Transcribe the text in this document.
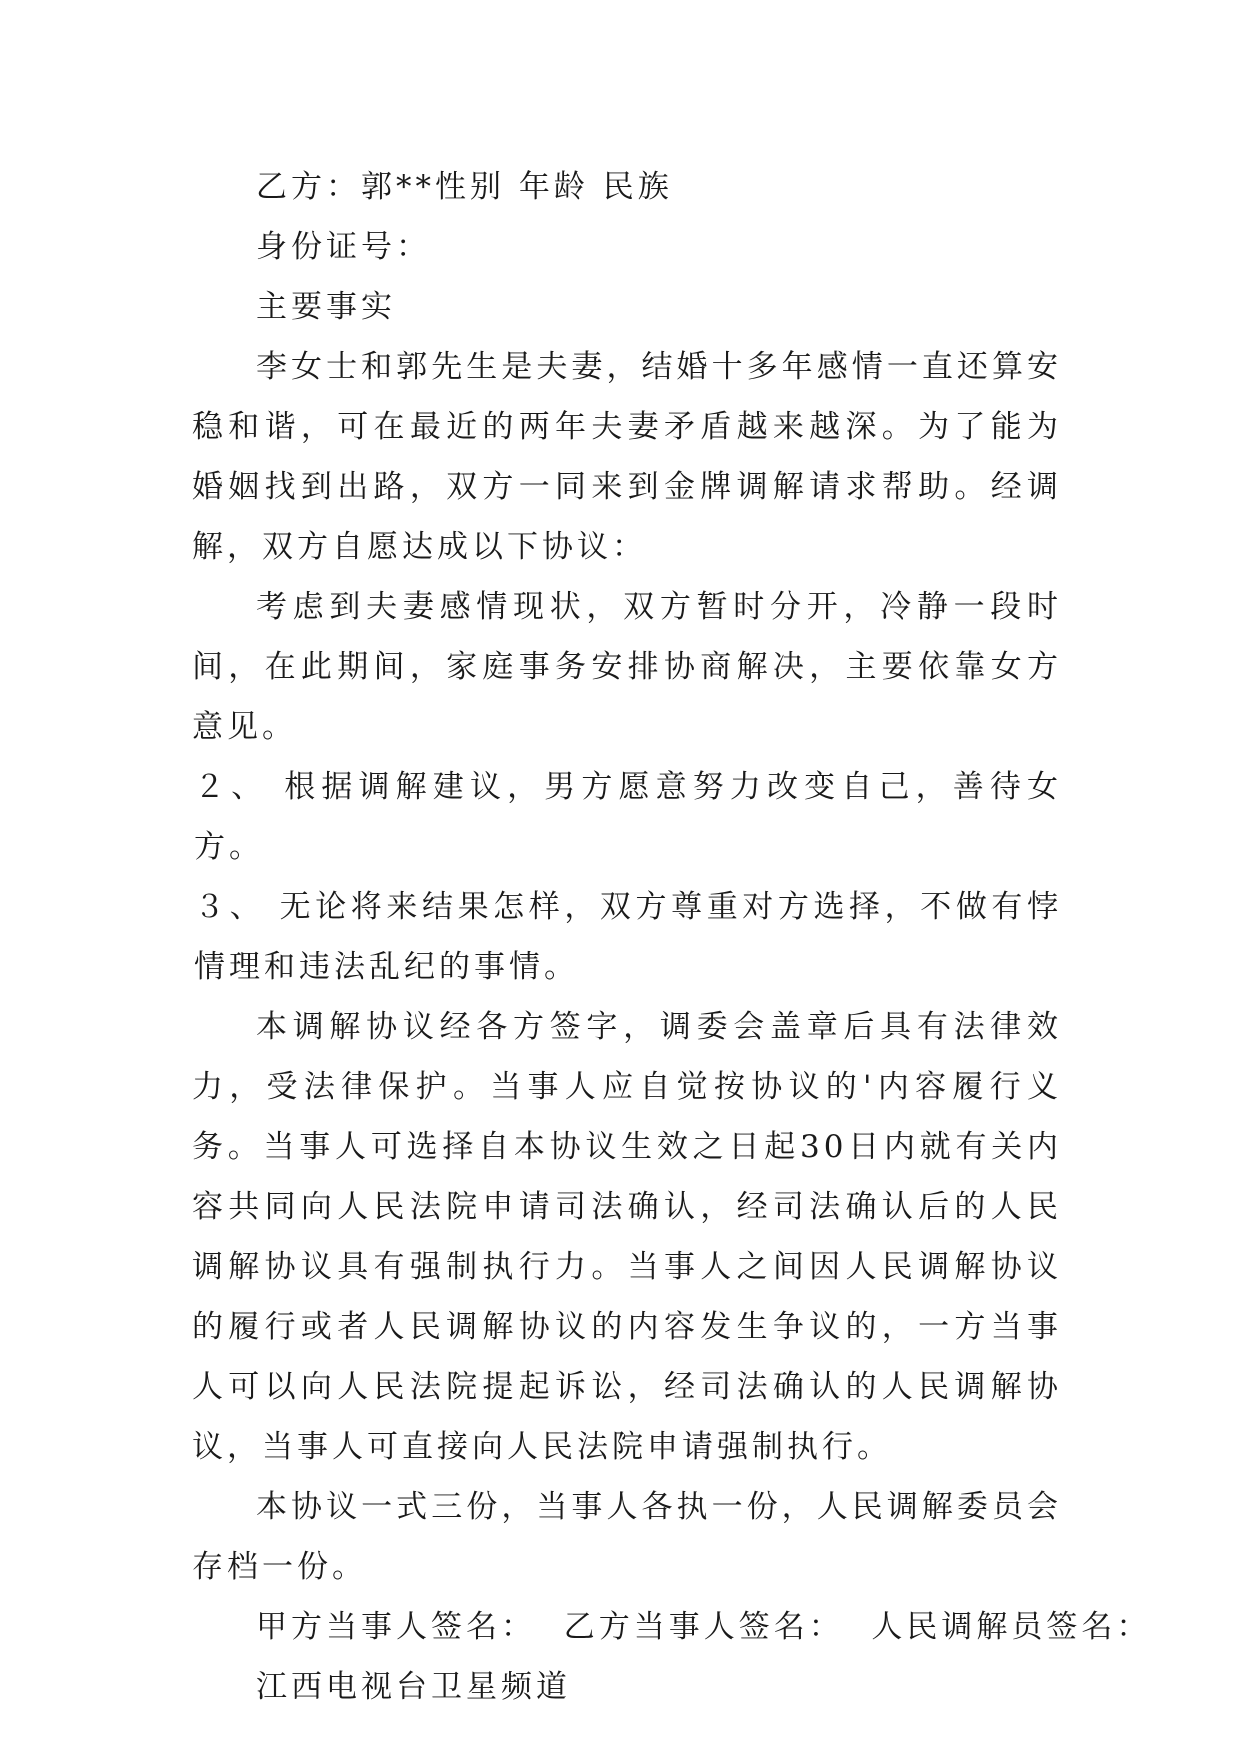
乙方：郭**性别 年龄 民族

身份证号：

主要事实

李女士和郭先生是夫妻，结婚十多年感情一直还算安稳和谐，可在最近的两年夫妻矛盾越来越深。为了能为婚姻找到出路，双方一同来到金牌调解请求帮助。经调解，双方自愿达成以下协议：

考虑到夫妻感情现状，双方暂时分开，冷静一段时间，在此期间，家庭事务安排协商解决，主要依靠女方意见。

２、 根据调解建议，男方愿意努力改变自己，善待女方。

３、 无论将来结果怎样，双方尊重对方选择，不做有悖情理和违法乱纪的事情。

本调解协议经各方签字，调委会盖章后具有法律效力，受法律保护。当事人应自觉按协议的'内容履行义务。当事人可选择自本协议生效之日起30日内就有关内容共同向人民法院申请司法确认，经司法确认后的人民调解协议具有强制执行力。当事人之间因人民调解协议的履行或者人民调解协议的内容发生争议的，一方当事人可以向人民法院提起诉讼，经司法确认的人民调解协议，当事人可直接向人民法院申请强制执行。

本协议一式三份，当事人各执一份，人民调解委员会存档一份。

甲方当事人签名：  乙方当事人签名：  人民调解员签名：

江西电视台卫星频道
